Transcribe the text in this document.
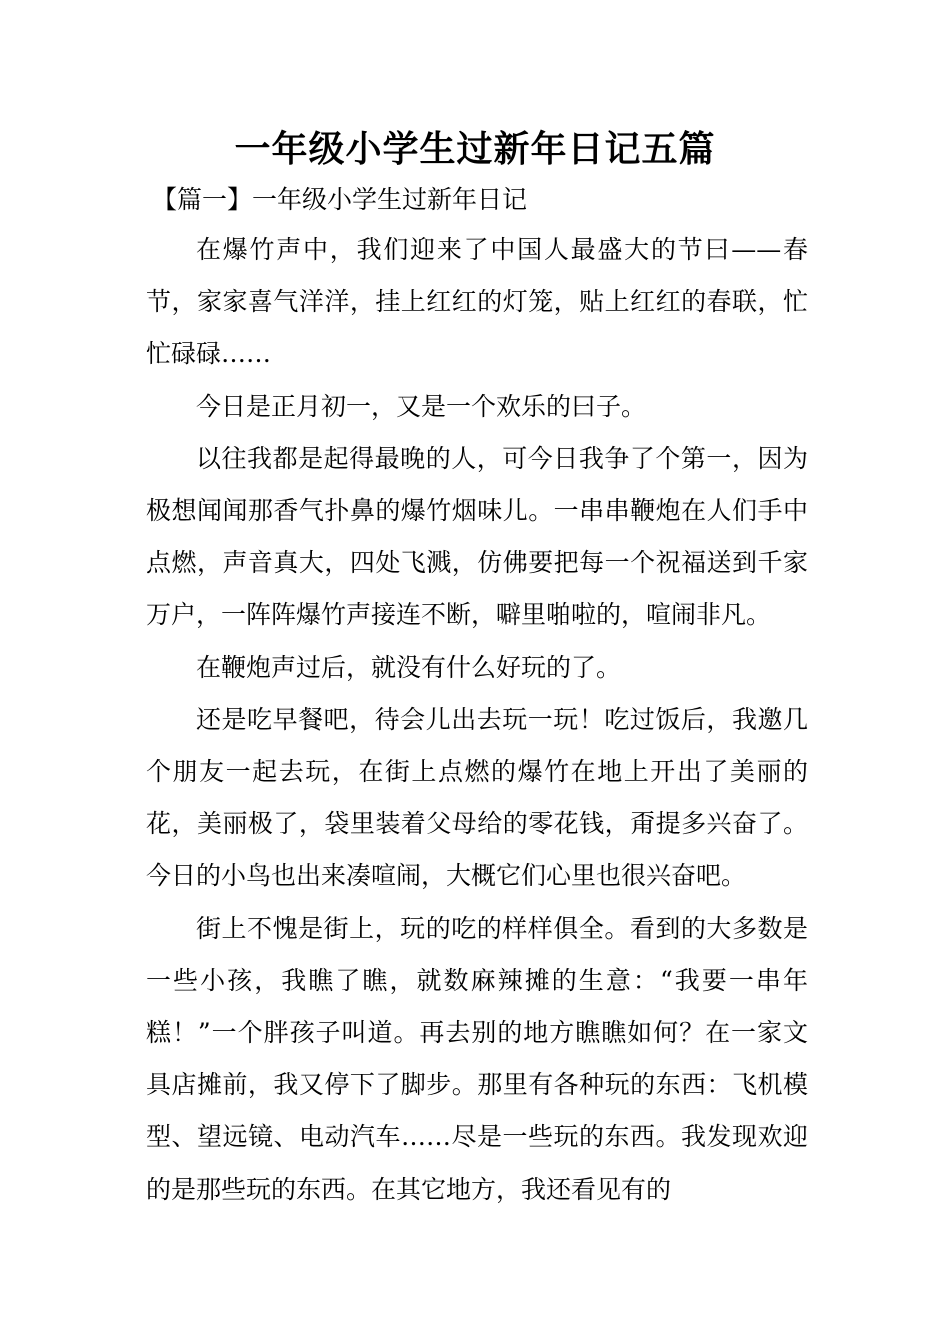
一年级小学生过新年日记五篇
【篇一】一年级小学生过新年日记

在爆竹声中，我们迎来了中国人最盛大的节曰——春节，家家喜气洋洋，挂上红红的灯笼，贴上红红的春联，忙忙碌碌……

今日是正月初一，又是一个欢乐的曰子。

以往我都是起得最晚的人，可今日我争了个第一，因为极想闻闻那香气扑鼻的爆竹烟味儿。一串串鞭炮在人们手中点燃，声音真大，四处飞溅，仿佛要把每一个祝福送到千家万户，一阵阵爆竹声接连不断，噼里啪啦的，喧闹非凡。

在鞭炮声过后，就没有什么好玩的了。

还是吃早餐吧，待会儿出去玩一玩！吃过饭后，我邀几个朋友一起去玩，在街上点燃的爆竹在地上开出了美丽的花，美丽极了，袋里装着父母给的零花钱，甭提多兴奋了。今日的小鸟也出来凑喧闹，大概它们心里也很兴奋吧。

街上不愧是街上，玩的吃的样样俱全。看到的大多数是一些小孩，我瞧了瞧，就数麻辣摊的生意：“我要一串年糕！”一个胖孩子叫道。再去别的地方瞧瞧如何？在一家文具店摊前，我又停下了脚步。那里有各种玩的东西：飞机模型、望远镜、电动汽车……尽是一些玩的东西。我发现欢迎的是那些玩的东西。在其它地方，我还看见有的
